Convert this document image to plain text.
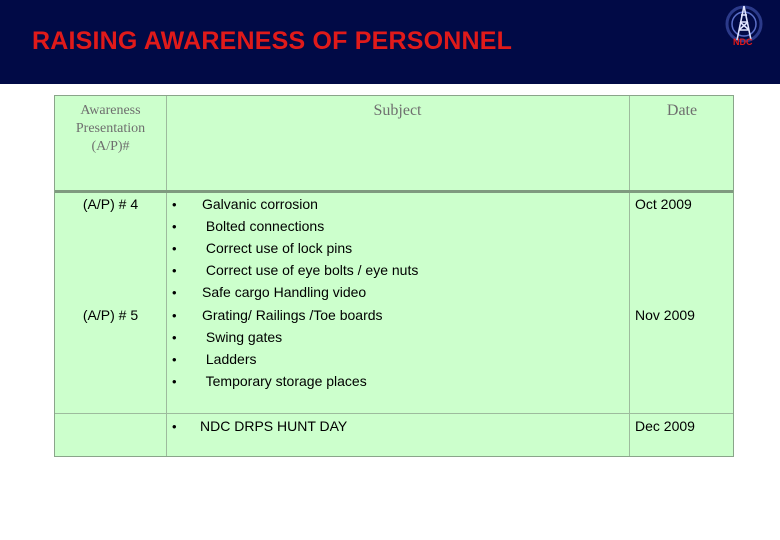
RAISING AWARENESS OF PERSONNEL	NDC
Awareness
Presentation
(A/P)#
Subject	Date
(A/P) # 4
(A/P) # 5
• Galvanic corrosion
• Bolted connections
• Correct use of lock pins
• Correct use of eye bolts / eye nuts
• Safe cargo Handling video
• Grating/ Railings /Toe boards
• Swing gates
• Ladders
• Temporary storage places
• NDC DRPS HUNT DAY
Oct 2009
Nov 2009
Dec 2009
